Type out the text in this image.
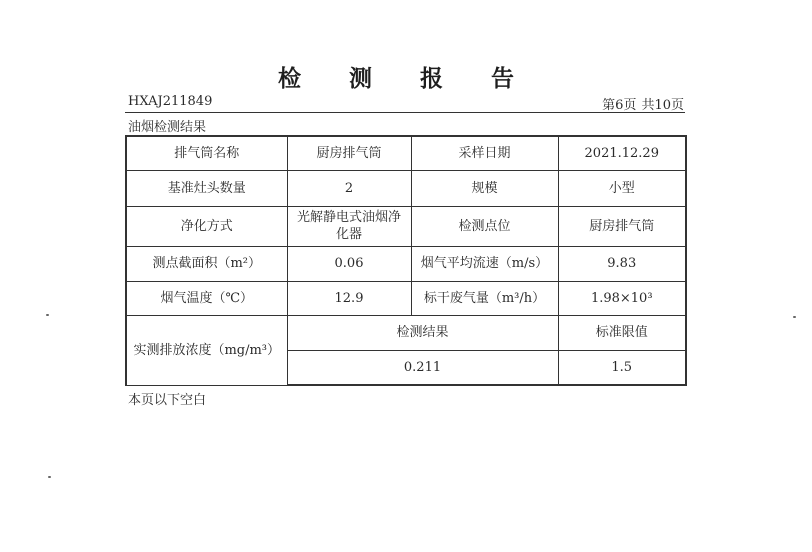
检 测 报 告
HXAJ211849	第6页 共10页
油烟检测结果
排气筒名称	厨房排气筒	采样日期	2021.12.29
基准灶头数量	2	规模	小型
净化方式	光解静电式油烟净化器	检测点位	厨房排气筒
测点截面积（m²）	0.06	烟气平均流速（m/s）	9.83
烟气温度（℃）	12.9	标干废气量（m³/h）	1.98×10³
实测排放浓度（mg/m³）	检测结果		标准限值
	0.211		1.5
本页以下空白
